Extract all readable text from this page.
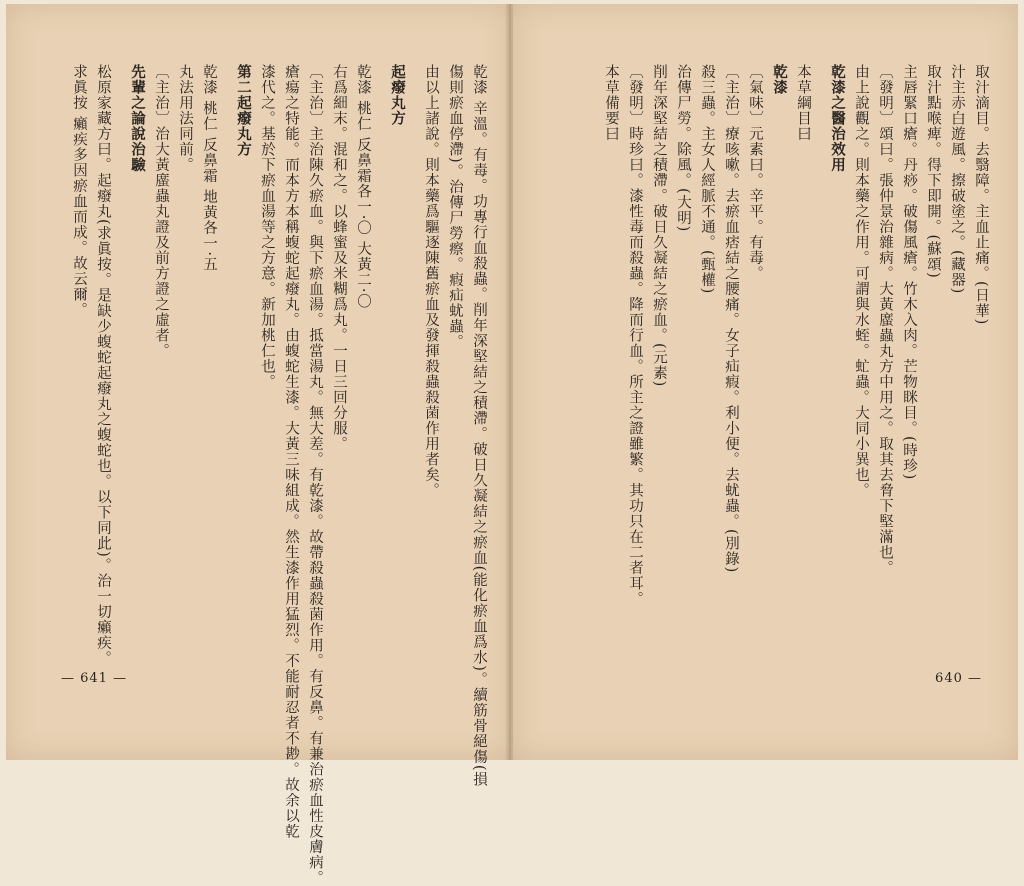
乾漆 辛溫。有毒。功專行血殺蟲。削年深堅結之積滯。破日久凝結之瘀血(能化瘀血爲水)。續筋骨絕傷(損
傷則瘀血停滯)。治傳尸勞瘵。瘕疝蚘蟲。
由以上諸說。則本藥爲驅逐陳舊瘀血及發揮殺蟲殺菌作用者矣。
起癈丸方
乾漆 桃仁 反鼻霜各一·〇 大黃二·〇
右爲細末。混和之。以蜂蜜及米糊爲丸。一日三回分服。
〔主治〕主治陳久瘀血。與下瘀血湯。抵當湯丸。無大差。有乾漆。故帶殺蟲殺菌作用。有反鼻。有兼治瘀血性皮膚病。
瘡瘍之特能。而本方本稱蝮蛇起癈丸。由蝮蛇生漆。大黃三味組成。然生漆作用猛烈。不能耐忍者不尠。故余以乾
漆代之。基於下瘀血湯等之方意。新加桃仁也。
第二起癈丸方
乾漆 桃仁 反鼻霜 地黃各一·五
丸法用法同前。
〔主治〕治大黃䗪蟲丸證及前方證之虛者。
先輩之論說治驗
松原家藏方曰。起癈丸(求眞按。是缺少蝮蛇起癈丸之蝮蛇也。以下同此)。治一切癩疾。
求眞按 癩疾多因瘀血而成。故云爾。
— 641 —
取汁滴目。去翳障。主血止痛。(日華)
汁主赤白遊風。擦破塗之。(藏器)
取汁點喉痺。得下即開。(蘇頌)
主唇緊口瘡。丹痧。破傷風瘡。竹木入肉。芒物眯目。(時珍)
〔發明〕頌曰。張仲景治雜病。大黃䗪蟲丸方中用之。取其去脅下堅滿也。
由上說觀之。則本藥之作用。可謂與水蛭。虻蟲。大同小異也。
乾漆之醫治效用
本草綱目曰
乾漆
〔氣味〕元素曰。辛平。有毒。
〔主治〕療咳嗽。去瘀血痞結之腰痛。女子疝瘕。利小便。去蚘蟲。(別錄)
殺三蟲。主女人經脈不通。(甄權)
治傳尸勞。除風。(大明)
削年深堅結之積滯。破日久凝結之瘀血。(元素)
〔發明〕時珍曰。漆性毒而殺蟲。降而行血。所主之證雖繁。其功只在二者耳。
本草備要曰
640 —
